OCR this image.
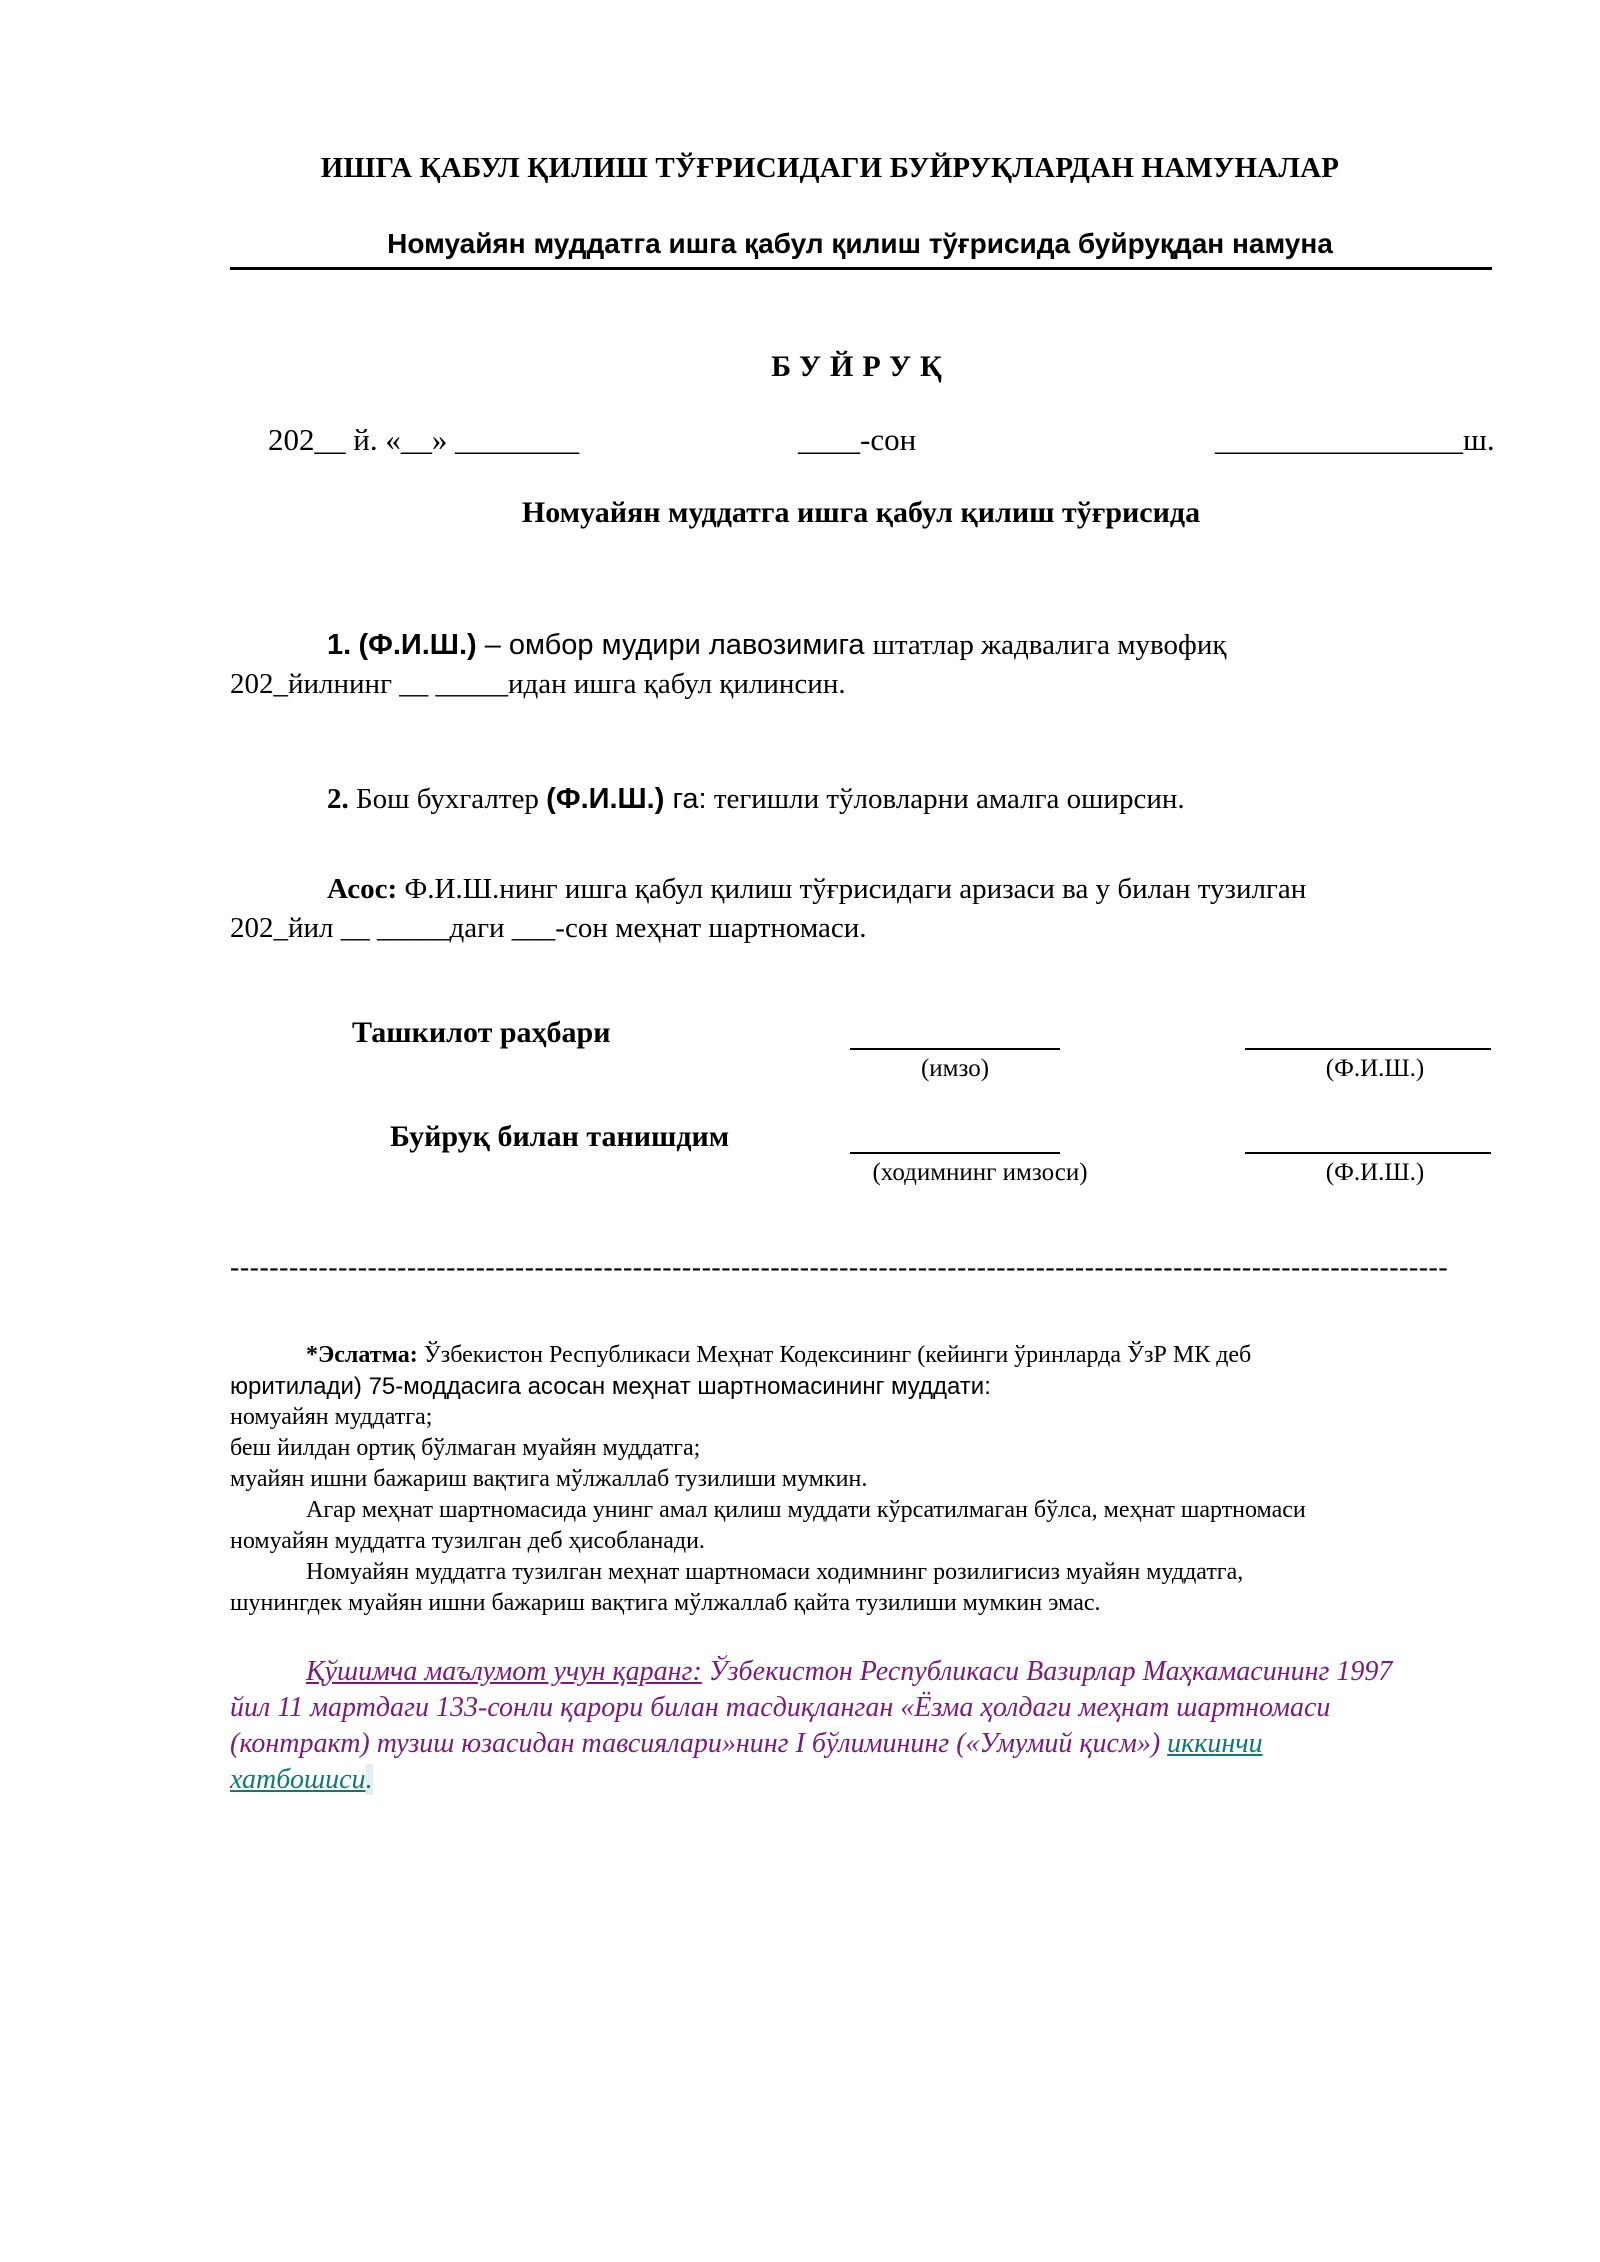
ИШГА ҚАБУЛ ҚИЛИШ ТЎҒРИСИДАГИ БУЙРУҚЛАРДАН НАМУНАЛАР
Номуайян муддатга ишга қабул қилиш тўғрисида буйруқдан намуна
БУЙРУҚ
202__ й. «__» ________	____-сон	________________ш.
Номуайян муддатга ишга қабул қилиш тўғрисида
1. (Ф.И.Ш.) – омбор мудири лавозимига штатлар жадвалига мувофиқ
202_йилнинг __ _____идан ишга қабул қилинсин.
2. Бош бухгалтер (Ф.И.Ш.) га: тегишли тўловларни амалга оширсин.
Асос: Ф.И.Ш.нинг ишга қабул қилиш тўғрисидаги аризаси ва у билан тузилган
202_йил __ _____даги ___-сон меҳнат шартномаси.
Ташкилот раҳбари
(имзо)	(Ф.И.Ш.)
Буйруқ билан танишдим
(ходимнинг имзоси)	(Ф.И.Ш.)
----------------------------------------------------------------------------------------------------------------------------

*Эслатма: Ўзбекистон Республикаси Меҳнат Кодексининг (кейинги ўринларда ЎзР МК деб

юритилади) 75-моддасига асосан меҳнат шартномасининг муддати:

номуайян муддатга;

беш йилдан ортиқ бўлмаган муайян муддатга;

муайян ишни бажариш вақтига мўлжаллаб тузилиши мумкин.

Агар меҳнат шартномасида унинг амал қилиш муддати кўрсатилмаган бўлса, меҳнат шартномаси

номуайян муддатга тузилган деб ҳисобланади.

Номуайян муддатга тузилган меҳнат шартномаси ходимнинг розилигисиз муайян муддатга,

шунингдек муайян ишни бажариш вақтига мўлжаллаб қайта тузилиши мумкин эмас.

Қўшимча маълумот учун қаранг: Ўзбекистон Республикаси Вазирлар Маҳкамасининг 1997
йил 11 мартдаги 133-сонли қарори билан тасдиқланган «Ёзма ҳолдаги меҳнат шартномаси
(контракт) тузиш юзасидан тавсиялари»нинг I бўлимининг («Умумий қисм») иккинчи
хатбошиси.
